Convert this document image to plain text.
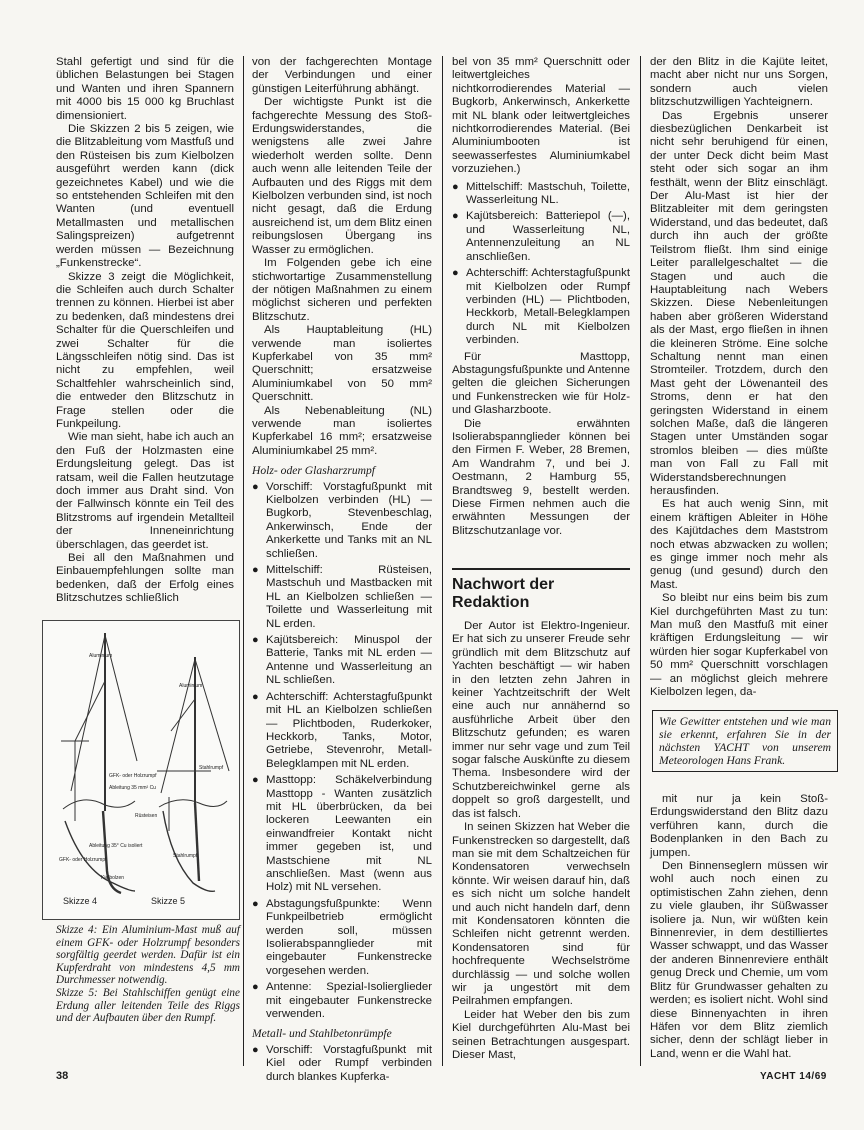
Stahl gefertigt und sind für die üblichen Belastungen bei Stagen und Wanten und ihren Spannern mit 4000 bis 15 000 kg Bruchlast dimensioniert.

Die Skizzen 2 bis 5 zeigen, wie die Blitzableitung vom Mastfuß und den Rüsteisen bis zum Kielbolzen ausgeführt werden kann (dick gezeichnetes Kabel) und wie die so entstehenden Schleifen mit den Wanten (und eventuell Metallmasten und metallischen Salingspreizen) aufgetrennt werden müssen — Bezeichnung „Funkenstrecke“.

Skizze 3 zeigt die Möglichkeit, die Schleifen auch durch Schalter trennen zu können. Hierbei ist aber zu bedenken, daß mindestens drei Schalter für die Querschleifen und zwei Schalter für die Längsschleifen nötig sind. Das ist nicht zu empfehlen, weil Schaltfehler wahrscheinlich sind, die entweder den Blitzschutz in Frage stellen oder die Funkpeilung.

Wie man sieht, habe ich auch an den Fuß der Holzmasten eine Erdungsleitung gelegt. Das ist ratsam, weil die Fallen heutzutage doch immer aus Draht sind. Von der Fallwinsch könnte ein Teil des Blitzstroms auf irgendein Metallteil der Inneneinrichtung überschlagen, das geerdet ist.

Bei all den Maßnahmen und Einbauempfehlungen sollte man bedenken, daß der Erfolg eines Blitzschutzes schließlich

Aluminium
Aluminium
GFK- oder Holzrumpf
Ableitung 35 mm² Cu
Stahlrumpf
Rüsteisen
Ableitung 35° Cu isoliert
GFK- oder Holzrumpf
Stahlrumpf
Kielbolzen
Skizze 4	Skizze 5

Skizze 4: Ein Aluminium-Mast muß auf einem GFK- oder Holzrumpf besonders sorgfältig geerdet werden. Dafür ist ein Kupferdraht von mindestens 4,5 mm Durchmesser notwendig.

Skizze 5: Bei Stahlschiffen genügt eine Erdung aller leitenden Teile des Riggs und der Aufbauten über den Rumpf.

von der fachgerechten Montage der Verbindungen und einer günstigen Leiterführung abhängt.

Der wichtigste Punkt ist die fachgerechte Messung des Stoß-Erdungswiderstandes, die wenigstens alle zwei Jahre wiederholt werden sollte. Denn auch wenn alle leitenden Teile der Aufbauten und des Riggs mit dem Kielbolzen verbunden sind, ist noch nicht gesagt, daß die Erdung ausreichend ist, um dem Blitz einen reibungslosen Übergang ins Wasser zu ermöglichen.

Im Folgenden gebe ich eine stichwortartige Zusammenstellung der nötigen Maßnahmen zu einem möglichst sicheren und perfekten Blitzschutz.

Als Hauptableitung (HL) verwende man isoliertes Kupferkabel von 35 mm² Querschnitt; ersatzweise Aluminiumkabel von 50 mm² Querschnitt.

Als Nebenableitung (NL) verwende man isoliertes Kupferkabel 16 mm²; ersatzweise Aluminiumkabel 25 mm².

Holz- oder Glasharzrumpf
● Vorschiff: Vorstagfußpunkt mit Kielbolzen verbinden (HL) — Bugkorb, Stevenbeschlag, Ankerwinsch, Ende der Ankerkette und Tanks mit an NL schließen.
● Mittelschiff: Rüsteisen, Mastschuh und Mastbacken mit HL an Kielbolzen schließen — Toilette und Wasserleitung mit NL erden.
● Kajütsbereich: Minuspol der Batterie, Tanks mit NL erden — Antenne und Wasserleitung an NL schließen.
● Achterschiff: Achterstagfußpunkt mit HL an Kielbolzen schließen — Plichtboden, Ruderkoker, Heckkorb, Tanks, Motor, Getriebe, Stevenrohr, Metall-Belegklampen mit NL erden.
● Masttopp: Schäkelverbindung Masttopp - Wanten zusätzlich mit HL überbrücken, da bei lockeren Leewanten ein einwandfreier Kontakt nicht immer gegeben ist, und Mastschiene mit NL anschließen. Mast (wenn aus Holz) mit NL versehen.
● Abstagungsfußpunkte: Wenn Funkpeilbetrieb ermöglicht werden soll, müssen Isolierabspannglieder mit eingebauter Funkenstrecke vorgesehen werden.
● Antenne: Spezial-Isolierglieder mit eingebauter Funkenstrecke verwenden.
Metall- und Stahlbetonrümpfe
● Vorschiff: Vorstagfußpunkt mit Kiel oder Rumpf verbinden durch blankes Kupferka-

bel von 35 mm² Querschnitt oder leitwertgleiches nichtkorrodierendes Material — Bugkorb, Ankerwinsch, Ankerkette mit NL blank oder leitwertgleiches nichtkorrodierendes Material. (Bei Aluminiumbooten ist seewasserfestes Aluminiumkabel vorzuziehen.)

● Mittelschiff: Mastschuh, Toilette, Wasserleitung NL.
● Kajütsbereich: Batteriepol (—), und Wasserleitung NL, Antennenzuleitung an NL anschließen.
● Achterschiff: Achterstagfußpunkt mit Kielbolzen oder Rumpf verbinden (HL) — Plichtboden, Heckkorb, Metall-Belegklampen durch NL mit Kielbolzen verbinden.

Für Masttopp, Abstagungsfußpunkte und Antenne gelten die gleichen Sicherungen und Funkenstrecken wie für Holz- und Glasharzboote.

Die erwähnten Isolierabspannglieder können bei den Firmen F. Weber, 28 Bremen, Am Wandrahm 7, und bei J. Oestmann, 2 Hamburg 55, Brandtsweg 9, bestellt werden. Diese Firmen nehmen auch die erwähnten Messungen der Blitzschutzanlage vor.

Nachwort der Redaktion

Der Autor ist Elektro-Ingenieur. Er hat sich zu unserer Freude sehr gründlich mit dem Blitzschutz auf Yachten beschäftigt — wir haben in den letzten zehn Jahren in keiner Yachtzeitschrift der Welt eine auch nur annähernd so ausführliche Arbeit über den Blitzschutz gefunden; es waren immer nur sehr vage und zum Teil sogar falsche Auskünfte zu diesem Thema. Insbesondere wird der Schutzbereichwinkel gerne als doppelt so groß dargestellt, und das ist falsch.

In seinen Skizzen hat Weber die Funkenstrecken so dargestellt, daß man sie mit dem Schaltzeichen für Kondensatoren verwechseln könnte. Wir weisen darauf hin, daß es sich nicht um solche handelt und auch nicht handeln darf, denn mit Kondensatoren könnten die Schleifen nicht getrennt werden. Kondensatoren sind für hochfrequente Wechselströme durchlässig — und solche wollen wir ja ungestört mit dem Peilrahmen empfangen.

Leider hat Weber den bis zum Kiel durchgeführten Alu-Mast bei seinen Betrachtungen ausgespart. Dieser Mast,

der den Blitz in die Kajüte leitet, macht aber nicht nur uns Sorgen, sondern auch vielen blitzschutzwilligen Yachteignern.

Das Ergebnis unserer diesbezüglichen Denkarbeit ist nicht sehr beruhigend für einen, der unter Deck dicht beim Mast steht oder sich sogar an ihm festhält, wenn der Blitz einschlägt. Der Alu-Mast ist hier der Blitzableiter mit dem geringsten Widerstand, und das bedeutet, daß durch ihn auch der größte Teilstrom fließt. Ihm sind einige Leiter parallelgeschaltet — die Stagen und auch die Hauptableitung nach Webers Skizzen. Diese Nebenleitungen haben aber größeren Widerstand als der Mast, ergo fließen in ihnen die kleineren Ströme. Eine solche Schaltung nennt man einen Stromteiler. Trotzdem, durch den Mast geht der Löwenanteil des Stroms, denn er hat den geringsten Widerstand in einem solchen Maße, daß die längeren Stagen unter Umständen sogar stromlos bleiben — dies müßte man von Fall zu Fall mit Widerstandsberechnungen herausfinden.

Es hat auch wenig Sinn, mit einem kräftigen Ableiter in Höhe des Kajütdaches dem Maststrom noch etwas abzwacken zu wollen; es ginge immer noch mehr als genug (und gesund) durch den Mast.

So bleibt nur eins beim bis zum Kiel durchgeführten Mast zu tun: Man muß den Mastfuß mit einer kräftigen Erdungsleitung — wir würden hier sogar Kupferkabel von 50 mm² Querschnitt vorschlagen — an möglichst gleich mehrere Kielbolzen legen, da-

Wie Gewitter entstehen und wie man sie erkennt, erfahren Sie in der nächsten YACHT von unserem Meteorologen Hans Frank.

mit nur ja kein Stoß-Erdungswiderstand den Blitz dazu verführen kann, durch die Bodenplanken in den Bach zu jumpen.

Den Binnenseglern müssen wir wohl auch noch einen zu optimistischen Zahn ziehen, denn zu viele glauben, ihr Süßwasser isoliere ja. Nun, wir wüßten kein Binnenrevier, in dem destilliertes Wasser schwappt, und das Wasser der anderen Binnenreviere enthält genug Dreck und Chemie, um vom Blitz für Grundwasser gehalten zu werden; es isoliert nicht. Wohl sind diese Binnenyachten in ihren Häfen vor dem Blitz ziemlich sicher, denn der schlägt lieber in Land, wenn er die Wahl hat.

38	YACHT 14/69
